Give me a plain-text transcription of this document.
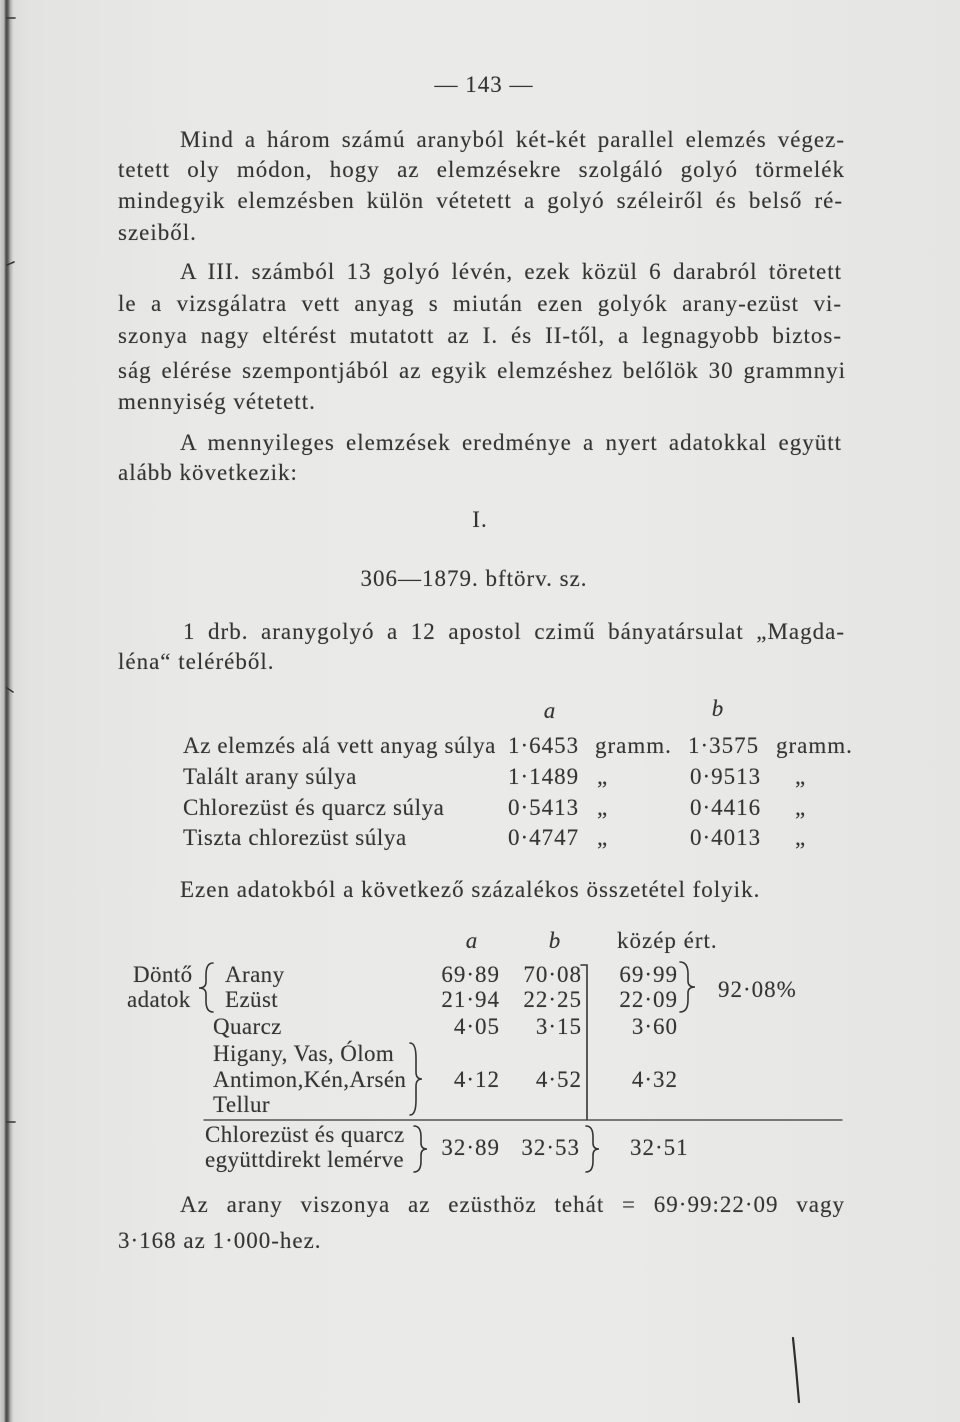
— 143 —
Mind a három számú aranyból két-két parallel elemzés végez-
tetett oly módon, hogy az elemzésekre szolgáló golyó törmelék
mindegyik elemzésben külön vétetett a golyó széleiről és belső ré-
szeiből.
A III. számból 13 golyó lévén, ezek közül 6 darabról töretett
le a vizsgálatra vett anyag s miután ezen golyók arany-ezüst vi-
szonya nagy eltérést mutatott az I. és II-től, a legnagyobb biztos-
ság elérése szempontjából az egyik elemzéshez belőlök 30 grammnyi
mennyiség vétetett.
A mennyileges elemzések eredménye a nyert adatokkal együtt
alább következik:
I.
306—1879. bftörv. sz.
1 drb. aranygolyó a 12 apostol czimű bányatársulat „Magda-
léna“ teléréből.
a	b
Az elemzés alá vett anyag súlya 1·6453 gramm. 1·3575 gramm.
Talált arany súlya	1·1489 „	0·9513 „
Chlorezüst és quarcz súlya	0·5413 „	0·4416 „
Tiszta chlorezüst súlya	0·4747 „	0·4013 „
Ezen adatokból a következő százalékos összetétel folyik.
a	b	közép ért.
Döntő
adatok
Arany	69·89	70·08	69·99
Ezüst	21·94	22·25	22·09 92·08%
Quarcz	4·05	3·15	3·60
Higany, Vas, Ólom
Antimon,Kén,Arsén
Tellur
4·12	4·52	4·32
Chlorezüst és quarcz
együttdirekt lemérve	32·89 32·53 32·51
Az arany viszonya az ezüsthöz tehát = 69·99:22·09 vagy
3·168 az 1·000-hez.
